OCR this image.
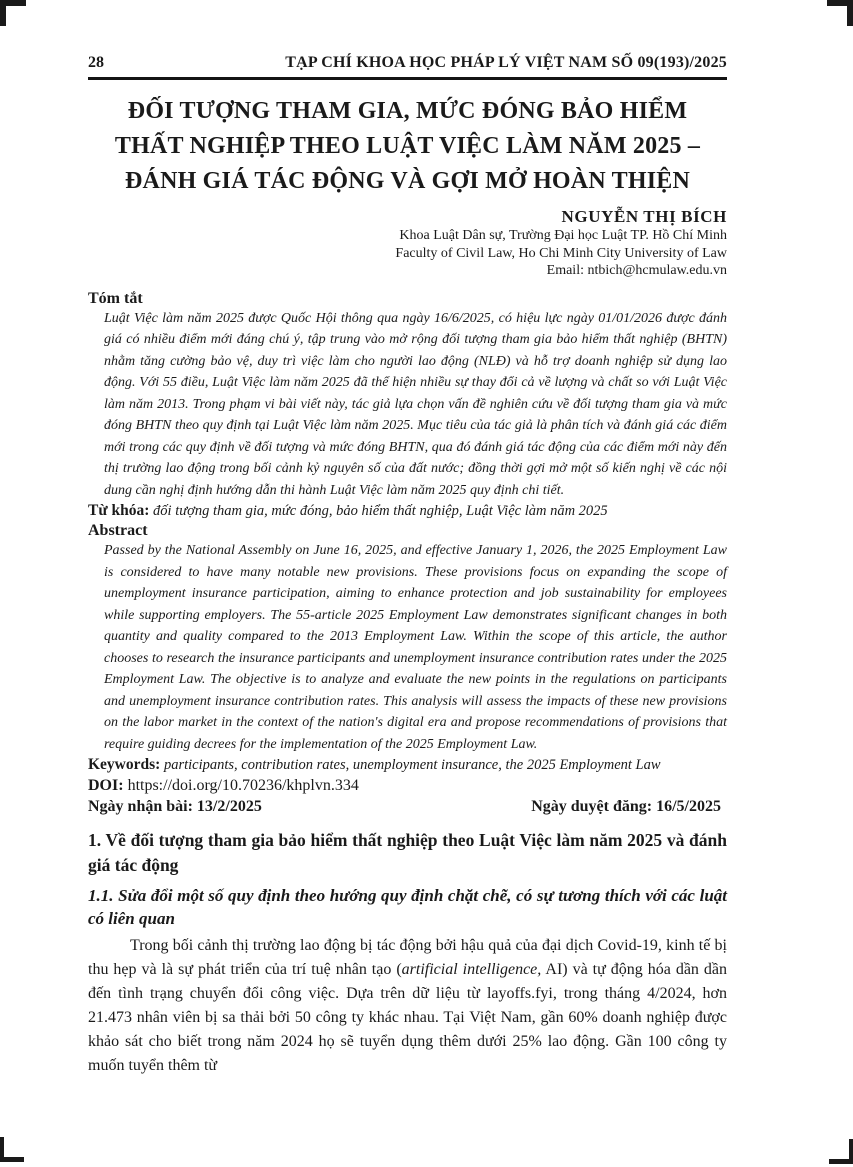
28	TẠP CHÍ KHOA HỌC PHÁP LÝ VIỆT NAM SỐ 09(193)/2025
ĐỐI TƯỢNG THAM GIA, MỨC ĐÓNG BẢO HIỂM
THẤT NGHIỆP THEO LUẬT VIỆC LÀM NĂM 2025 –
ĐÁNH GIÁ TÁC ĐỘNG VÀ GỢI MỞ HOÀN THIỆN
NGUYỄN THỊ BÍCH
Khoa Luật Dân sự, Trường Đại học Luật TP. Hồ Chí Minh
Faculty of Civil Law, Ho Chi Minh City University of Law
Email: ntbich@hcmulaw.edu.vn
Tóm tắt
Luật Việc làm năm 2025 được Quốc Hội thông qua ngày 16/6/2025, có hiệu lực ngày 01/01/2026 được đánh giá có nhiều điểm mới đáng chú ý, tập trung vào mở rộng đối tượng tham gia bảo hiểm thất nghiệp (BHTN) nhằm tăng cường bảo vệ, duy trì việc làm cho người lao động (NLĐ) và hỗ trợ doanh nghiệp sử dụng lao động. Với 55 điều, Luật Việc làm năm 2025 đã thể hiện nhiều sự thay đổi cả về lượng và chất so với Luật Việc làm năm 2013. Trong phạm vi bài viết này, tác giả lựa chọn vấn đề nghiên cứu về đối tượng tham gia và mức đóng BHTN theo quy định tại Luật Việc làm năm 2025. Mục tiêu của tác giả là phân tích và đánh giá các điểm mới trong các quy định về đối tượng và mức đóng BHTN, qua đó đánh giá tác động của các điểm mới này đến thị trường lao động trong bối cảnh kỷ nguyên số của đất nước; đồng thời gợi mở một số kiến nghị về các nội dung cần nghị định hướng dẫn thi hành Luật Việc làm năm 2025 quy định chi tiết.
Từ khóa: đối tượng tham gia, mức đóng, bảo hiểm thất nghiệp, Luật Việc làm năm 2025
Abstract
Passed by the National Assembly on June 16, 2025, and effective January 1, 2026, the 2025 Employment Law is considered to have many notable new provisions. These provisions focus on expanding the scope of unemployment insurance participation, aiming to enhance protection and job sustainability for employees while supporting employers. The 55-article 2025 Employment Law demonstrates significant changes in both quantity and quality compared to the 2013 Employment Law. Within the scope of this article, the author chooses to research the insurance participants and unemployment insurance contribution rates under the 2025 Employment Law. The objective is to analyze and evaluate the new points in the regulations on participants and unemployment insurance contribution rates. This analysis will assess the impacts of these new provisions on the labor market in the context of the nation's digital era and propose recommendations of provisions that require guiding decrees for the implementation of the 2025 Employment Law.
Keywords: participants, contribution rates, unemployment insurance, the 2025 Employment Law
DOI: https://doi.org/10.70236/khplvn.334
Ngày nhận bài: 13/2/2025	Ngày duyệt đăng: 16/5/2025
1. Về đối tượng tham gia bảo hiểm thất nghiệp theo Luật Việc làm năm 2025 và đánh giá tác động
1.1. Sửa đổi một số quy định theo hướng quy định chặt chẽ, có sự tương thích với các luật có liên quan
Trong bối cảnh thị trường lao động bị tác động bởi hậu quả của đại dịch Covid-19, kinh tế bị thu hẹp và là sự phát triển của trí tuệ nhân tạo (artificial intelligence, AI) và tự động hóa dần dần đến tình trạng chuyển đổi công việc. Dựa trên dữ liệu từ layoffs.fyi, trong tháng 4/2024, hơn 21.473 nhân viên bị sa thải bởi 50 công ty khác nhau. Tại Việt Nam, gần 60% doanh nghiệp được khảo sát cho biết trong năm 2024 họ sẽ tuyển dụng thêm dưới 25% lao động. Gần 100 công ty muốn tuyển thêm từ
